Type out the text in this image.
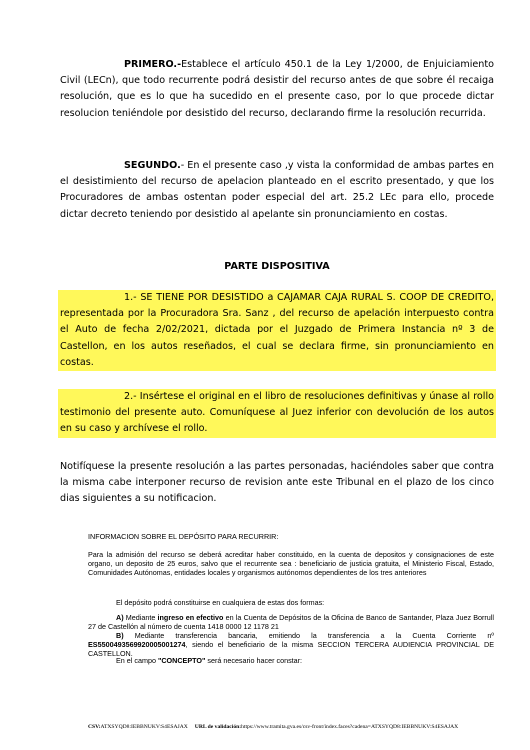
PRIMERO.-Establece el artículo 450.1 de la Ley 1/2000, de Enjuiciamiento Civil (LECn), que todo recurrente podrá desistir del recurso antes de que sobre él recaiga resolución, que es lo que ha sucedido en el presente caso, por lo que procede dictar resolucion teniéndole por desistido del recurso, declarando firme la resolución recurrida.
SEGUNDO.- En el presente caso ,y vista la conformidad de ambas partes en el desistimiento del recurso de apelacion planteado en el escrito presentado, y que los Procuradores de ambas ostentan poder especial del art. 25.2 LEc para ello, procede dictar decreto teniendo por desistido al apelante sin pronunciamiento en costas.
PARTE DISPOSITIVA
1.- SE TIENE POR DESISTIDO a CAJAMAR CAJA RURAL S. COOP DE CREDITO, representada por la Procuradora Sra. Sanz , del recurso de apelación interpuesto contra el Auto de fecha 2/02/2021, dictada por el Juzgado de Primera Instancia nº 3 de Castellon, en los autos reseñados, el cual se declara firme, sin pronunciamiento en costas.
2.- Insértese el original en el libro de resoluciones definitivas y únase al rollo testimonio del presente auto. Comuníquese al Juez inferior con devolución de los autos en su caso y archívese el rollo.
Notifíquese la presente resolución a las partes personadas, haciéndoles saber que contra la misma cabe interponer recurso de revision ante este Tribunal en el plazo de los cinco dias siguientes a su notificacion.
INFORMACION SOBRE EL DEPÓSITO PARA RECURRIR:
Para la admisión del recurso se deberá acreditar haber constituido, en la cuenta de depositos y consignaciones de este organo, un deposito de 25 euros, salvo que el recurrente sea : beneficiario de justicia gratuita, el Ministerio Fiscal, Estado, Comunidades Autónomas, entidades locales y organismos autónomos dependientes de los tres anteriores
El depósito podrá constituirse en cualquiera de estas dos formas:
A) Mediante ingreso en efectivo en la Cuenta de Depósitos de la Oficina de Banco de Santander, Plaza Juez Borrull 27 de Castellón al número de cuenta 1418 0000 12 1178 21
B) Mediante transferencia bancaria, emitiendo la transferencia a la Cuenta Corriente nº ES5500493569920005001274, siendo el beneficiario de la misma SECCION TERCERA AUDIENCIA PROVINCIAL DE CASTELLON.
En el campo "CONCEPTO" será necesario hacer constar:
CSV:ATXSYQD8:IEBBNUKV:S4ESAJAX URL de validación:https://www.tramita.gva.es/csv-front/index.faces?cadena=ATXSYQD8:IEBBNUKV:S4ESAJAX
